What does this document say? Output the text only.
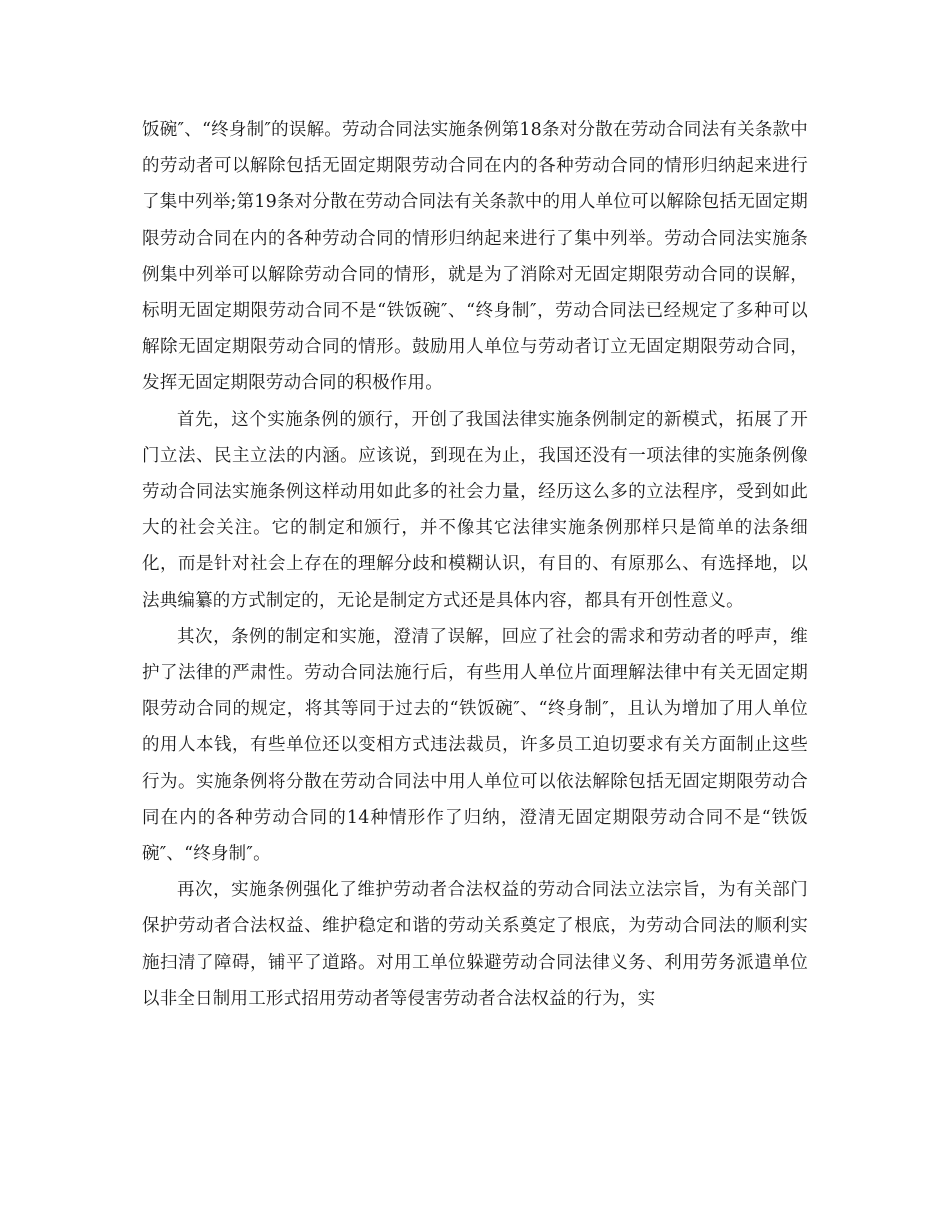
饭碗″、“终身制″的误解。劳动合同法实施条例第18条对分散在劳动合同法有关条款中的劳动者可以解除包括无固定期限劳动合同在内的各种劳动合同的情形归纳起来进行了集中列举;第19条对分散在劳动合同法有关条款中的用人单位可以解除包括无固定期限劳动合同在内的各种劳动合同的情形归纳起来进行了集中列举。劳动合同法实施条例集中列举可以解除劳动合同的情形，就是为了消除对无固定期限劳动合同的误解，标明无固定期限劳动合同不是“铁饭碗″、“终身制″，劳动合同法已经规定了多种可以解除无固定期限劳动合同的情形。鼓励用人单位与劳动者订立无固定期限劳动合同，发挥无固定期限劳动合同的积极作用。

首先，这个实施条例的颁行，开创了我国法律实施条例制定的新模式，拓展了开门立法、民主立法的内涵。应该说，到现在为止，我国还没有一项法律的实施条例像劳动合同法实施条例这样动用如此多的社会力量，经历这么多的立法程序，受到如此大的社会关注。它的制定和颁行，并不像其它法律实施条例那样只是简单的法条细化，而是针对社会上存在的理解分歧和模糊认识，有目的、有原那么、有选择地，以法典编纂的方式制定的，无论是制定方式还是具体内容，都具有开创性意义。

其次，条例的制定和实施，澄清了误解，回应了社会的需求和劳动者的呼声，维护了法律的严肃性。劳动合同法施行后，有些用人单位片面理解法律中有关无固定期限劳动合同的规定，将其等同于过去的“铁饭碗″、“终身制″，且认为增加了用人单位的用人本钱，有些单位还以变相方式违法裁员，许多员工迫切要求有关方面制止这些行为。实施条例将分散在劳动合同法中用人单位可以依法解除包括无固定期限劳动合同在内的各种劳动合同的14种情形作了归纳，澄清无固定期限劳动合同不是“铁饭碗″、“终身制″。

再次，实施条例强化了维护劳动者合法权益的劳动合同法立法宗旨，为有关部门保护劳动者合法权益、维护稳定和谐的劳动关系奠定了根底，为劳动合同法的顺利实施扫清了障碍，铺平了道路。对用工单位躲避劳动合同法律义务、利用劳务派遣单位以非全日制用工形式招用劳动者等侵害劳动者合法权益的行为，实
